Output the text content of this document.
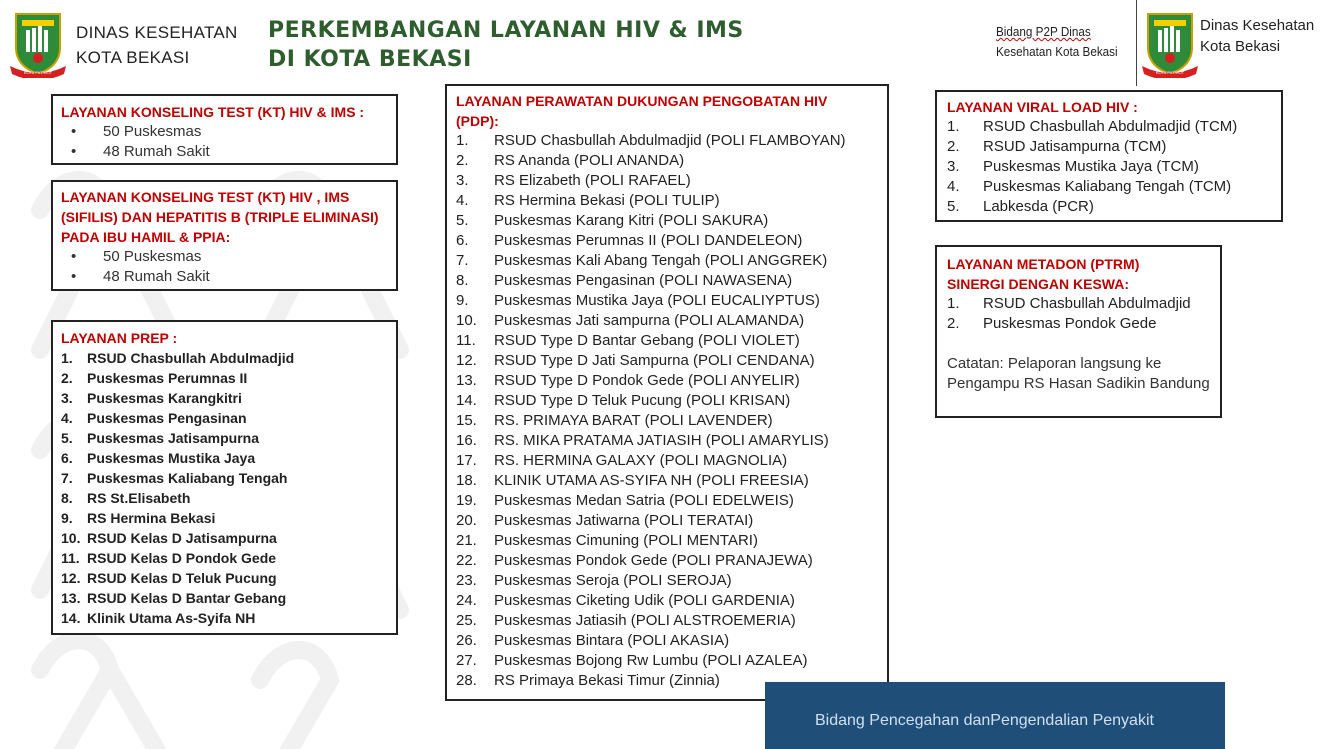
KOTA PATRIOT
DINAS KESEHATAN
KOTA BEKASI
PERKEMBANGAN LAYANAN HIV & IMS
DI KOTA BEKASI
Bidang P2P Dinas
Kesehatan Kota Bekasi
KOTA PATRIOT
Dinas Kesehatan
Kota Bekasi
LAYANAN KONSELING TEST (KT) HIV & IMS :
•	50 Puskesmas
•	48 Rumah Sakit
LAYANAN KONSELING TEST (KT) HIV , IMS (SIFILIS) DAN HEPATITIS B (TRIPLE ELIMINASI) PADA IBU HAMIL & PPIA:
•	50 Puskesmas
•	48 Rumah Sakit
LAYANAN PREP :
1.	RSUD Chasbullah Abdulmadjid
2.	Puskesmas Perumnas II
3.	Puskesmas Karangkitri
4.	Puskesmas Pengasinan
5.	Puskesmas Jatisampurna
6.	Puskesmas Mustika Jaya
7.	Puskesmas Kaliabang Tengah
8.	RS St.Elisabeth
9.	RS Hermina Bekasi
10. RSUD Kelas D Jatisampurna
11. RSUD Kelas D Pondok Gede
12. RSUD Kelas D Teluk Pucung
13. RSUD Kelas D Bantar Gebang
14. Klinik Utama As-Syifa NH
LAYANAN PERAWATAN DUKUNGAN PENGOBATAN HIV (PDP):
1.	RSUD Chasbullah Abdulmadjid (POLI FLAMBOYAN)
2.	RS Ananda (POLI ANANDA)
3.	RS Elizabeth (POLI RAFAEL)
4.	RS Hermina Bekasi (POLI TULIP)
5.	Puskesmas Karang Kitri (POLI SAKURA)
6.	Puskesmas Perumnas II (POLI DANDELEON)
7.	Puskesmas Kali Abang Tengah (POLI ANGGREK)
8.	Puskesmas Pengasinan (POLI NAWASENA)
9.	Puskesmas Mustika Jaya (POLI EUCALIYPTUS)
10.	Puskesmas Jati sampurna (POLI ALAMANDA)
11.	RSUD Type D Bantar Gebang (POLI VIOLET)
12.	RSUD Type D Jati Sampurna (POLI CENDANA)
13.	RSUD Type D Pondok Gede (POLI ANYELIR)
14.	RSUD Type D Teluk Pucung (POLI KRISAN)
15.	RS. PRIMAYA BARAT (POLI LAVENDER)
16.	RS. MIKA PRATAMA JATIASIH (POLI AMARYLIS)
17.	RS. HERMINA GALAXY (POLI MAGNOLIA)
18.	KLINIK UTAMA AS-SYIFA NH (POLI FREESIA)
19.	Puskesmas Medan Satria (POLI EDELWEIS)
20.	Puskesmas Jatiwarna (POLI TERATAI)
21.	Puskesmas Cimuning (POLI MENTARI)
22.	Puskesmas Pondok Gede (POLI PRANAJEWA)
23.	Puskesmas Seroja (POLI SEROJA)
24.	Puskesmas Ciketing Udik (POLI GARDENIA)
25.	Puskesmas Jatiasih (POLI ALSTROEMERIA)
26.	Puskesmas Bintara (POLI AKASIA)
27.	Puskesmas Bojong Rw Lumbu (POLI AZALEA)
28.	RS Primaya Bekasi Timur (Zinnia)
LAYANAN VIRAL LOAD HIV :
1.	RSUD Chasbullah Abdulmadjid (TCM)
2.	RSUD Jatisampurna (TCM)
3.	Puskesmas Mustika Jaya (TCM)
4.	Puskesmas Kaliabang Tengah (TCM)
5.	Labkesda (PCR)
LAYANAN METADON (PTRM)
SINERGI DENGAN KESWA:
1.	RSUD Chasbullah Abdulmadjid
2.	Puskesmas Pondok Gede
Catatan: Pelaporan langsung ke Pengampu RS Hasan Sadikin Bandung
Bidang Pencegahan danPengendalian Penyakit
